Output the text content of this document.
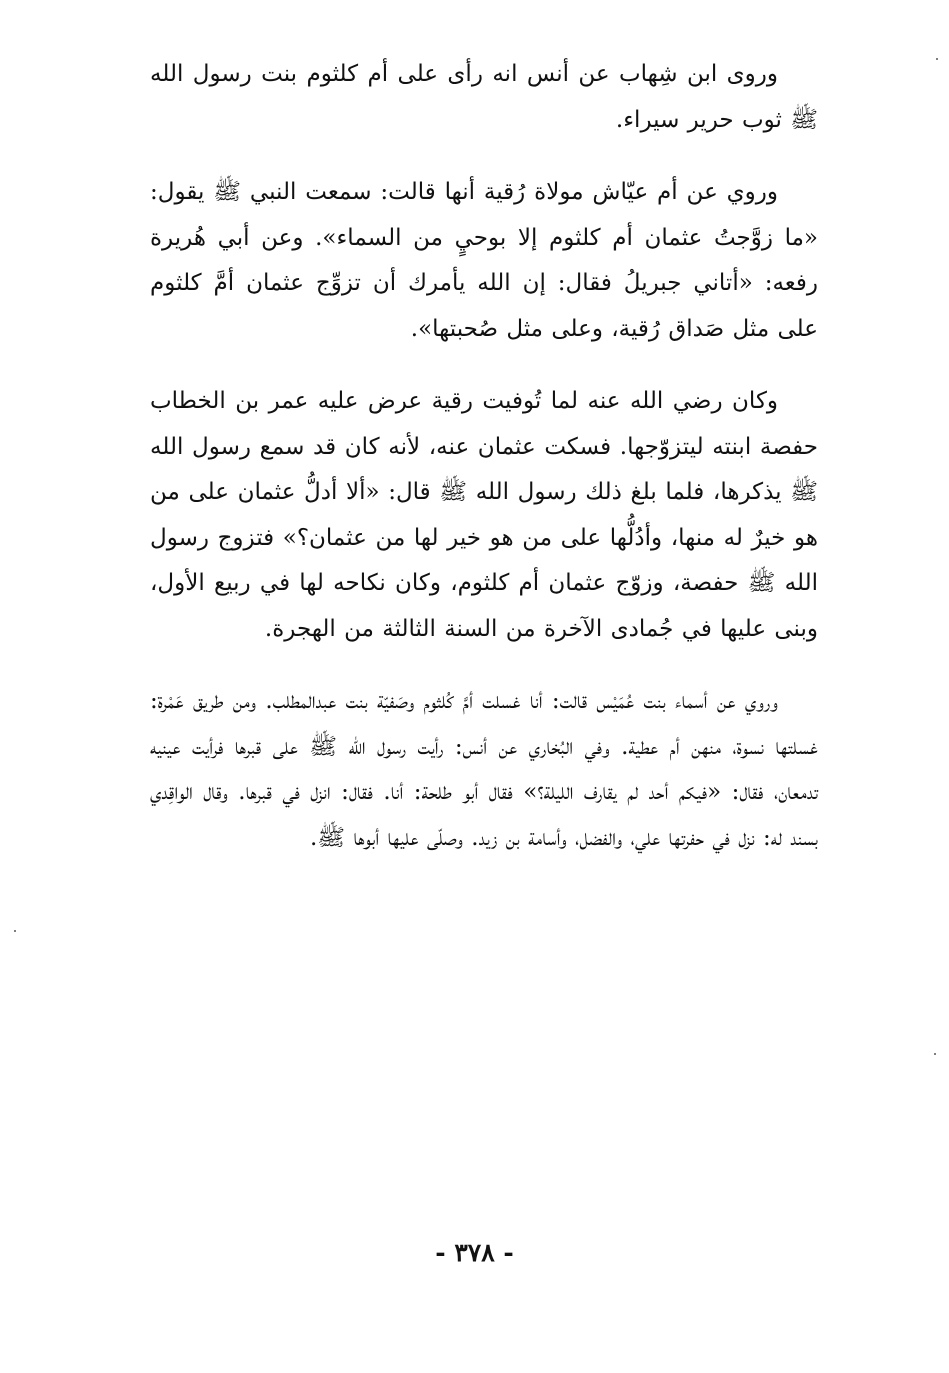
وروى ابن شِهاب عن أنس انه رأى على أم كلثوم بنت رسول الله ﷺ ثوب حرير سيراء.

وروي عن أم عيّاش مولاة رُقية أنها قالت: سمعت النبي ﷺ يقول: «ما زوَّجتُ عثمان أم كلثوم إلا بوحيٍ من السماء». وعن أبي هُريرة رفعه: «أتاني جبريلُ فقال: إن الله يأمرك أن تزوِّج عثمان أمَّ كلثوم على مثل صَداق رُقية، وعلى مثل صُحبتها».

وكان رضي الله عنه لما تُوفيت رقية عرض عليه عمر بن الخطاب حفصة ابنته ليتزوّجها. فسكت عثمان عنه، لأنه كان قد سمع رسول الله ﷺ يذكرها، فلما بلغ ذلك رسول الله ﷺ قال: «ألا أدلُّ عثمان على من هو خيرٌ له منها، وأدُلُّها على من هو خير لها من عثمان؟» فتزوج رسول الله ﷺ حفصة، وزوّج عثمان أم كلثوم، وكان نكاحه لها في ربيع الأول، وبنى عليها في جُمادى الآخرة من السنة الثالثة من الهجرة.

وروي عن أسماء بنت عُمَيْس قالت: أنا غسلت أمَّ كُلثوم وصَفيّة بنت عبدالمطلب. ومن طريق عَمْرة: غسلتها نسوة، منهن أم عطية. وفي البُخاري عن أنس: رأيت رسول الله ﷺ على قبرها فرأيت عينيه تدمعان، فقال: «فيكم أحد لم يقارف الليلة؟» فقال أبو طلحة: أنا. فقال: انزل في قبرها. وقال الواقِدي بسند له: نزل في حفرتها علي، والفضل، وأسامة بن زيد. وصلّى عليها أبوها ﷺ.

- ٣٧٨ -
